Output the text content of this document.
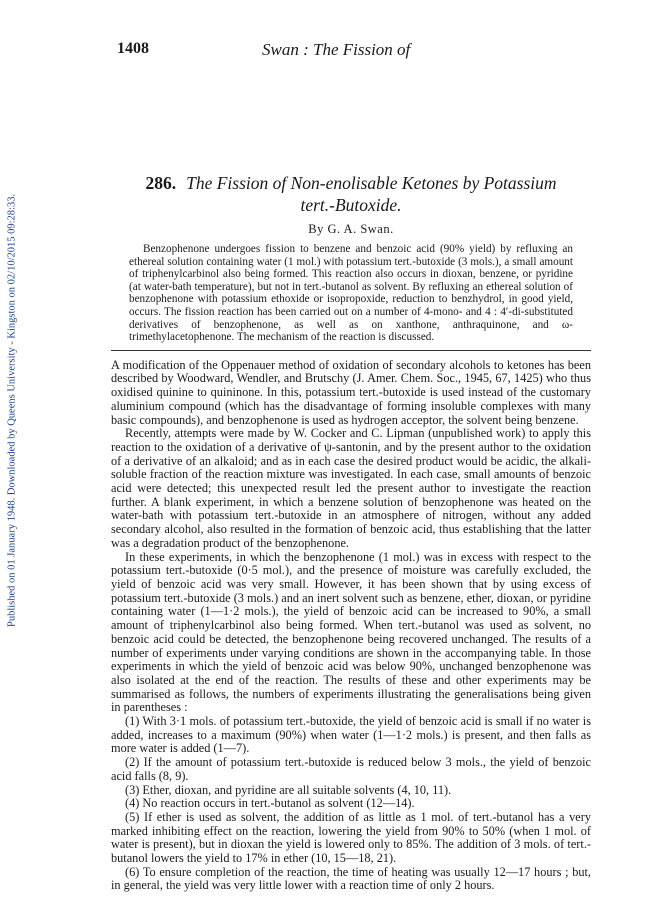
Published on 01 January 1948. Downloaded by Queens University - Kingston on 02/10/2015 09:28:33.
1408	Swan : The Fission of
286. The Fission of Non-enolisable Ketones by Potassium
tert.-Butoxide.
By G. A. Swan.

Benzophenone undergoes fission to benzene and benzoic acid (90% yield) by refluxing an ethereal solution containing water (1 mol.) with potassium tert.-butoxide (3 mols.), a small amount of triphenylcarbinol also being formed. This reaction also occurs in dioxan, benzene, or pyridine (at water-bath temperature), but not in tert.-butanol as solvent. By refluxing an ethereal solution of benzophenone with potassium ethoxide or isopropoxide, reduction to benzhydrol, in good yield, occurs. The fission reaction has been carried out on a number of 4-mono- and 4 : 4′-di-substituted derivatives of benzophenone, as well as on xanthone, anthraquinone, and ω-trimethylacetophenone. The mechanism of the reaction is discussed.

A modification of the Oppenauer method of oxidation of secondary alcohols to ketones has been described by Woodward, Wendler, and Brutschy (J. Amer. Chem. Soc., 1945, 67, 1425) who thus oxidised quinine to quininone. In this, potassium tert.-butoxide is used instead of the customary aluminium compound (which has the disadvantage of forming insoluble complexes with many basic compounds), and benzophenone is used as hydrogen acceptor, the solvent being benzene.

Recently, attempts were made by W. Cocker and C. Lipman (unpublished work) to apply this reaction to the oxidation of a derivative of ψ-santonin, and by the present author to the oxidation of a derivative of an alkaloid; and as in each case the desired product would be acidic, the alkali-soluble fraction of the reaction mixture was investigated. In each case, small amounts of benzoic acid were detected; this unexpected result led the present author to investigate the reaction further. A blank experiment, in which a benzene solution of benzophenone was heated on the water-bath with potassium tert.-butoxide in an atmosphere of nitrogen, without any added secondary alcohol, also resulted in the formation of benzoic acid, thus establishing that the latter was a degradation product of the benzophenone.

In these experiments, in which the benzophenone (1 mol.) was in excess with respect to the potassium tert.-butoxide (0·5 mol.), and the presence of moisture was carefully excluded, the yield of benzoic acid was very small. However, it has been shown that by using excess of potassium tert.-butoxide (3 mols.) and an inert solvent such as benzene, ether, dioxan, or pyridine containing water (1—1·2 mols.), the yield of benzoic acid can be increased to 90%, a small amount of triphenylcarbinol also being formed. When tert.-butanol was used as solvent, no benzoic acid could be detected, the benzophenone being recovered unchanged. The results of a number of experiments under varying conditions are shown in the accompanying table. In those experiments in which the yield of benzoic acid was below 90%, unchanged benzophenone was also isolated at the end of the reaction. The results of these and other experiments may be summarised as follows, the numbers of experiments illustrating the generalisations being given in parentheses :

(1) With 3·1 mols. of potassium tert.-butoxide, the yield of benzoic acid is small if no water is added, increases to a maximum (90%) when water (1—1·2 mols.) is present, and then falls as more water is added (1—7).

(2) If the amount of potassium tert.-butoxide is reduced below 3 mols., the yield of benzoic acid falls (8, 9).

(3) Ether, dioxan, and pyridine are all suitable solvents (4, 10, 11).

(4) No reaction occurs in tert.-butanol as solvent (12—14).

(5) If ether is used as solvent, the addition of as little as 1 mol. of tert.-butanol has a very marked inhibiting effect on the reaction, lowering the yield from 90% to 50% (when 1 mol. of water is present), but in dioxan the yield is lowered only to 85%. The addition of 3 mols. of tert.-butanol lowers the yield to 17% in ether (10, 15—18, 21).

(6) To ensure completion of the reaction, the time of heating was usually 12—17 hours ; but, in general, the yield was very little lower with a reaction time of only 2 hours.
